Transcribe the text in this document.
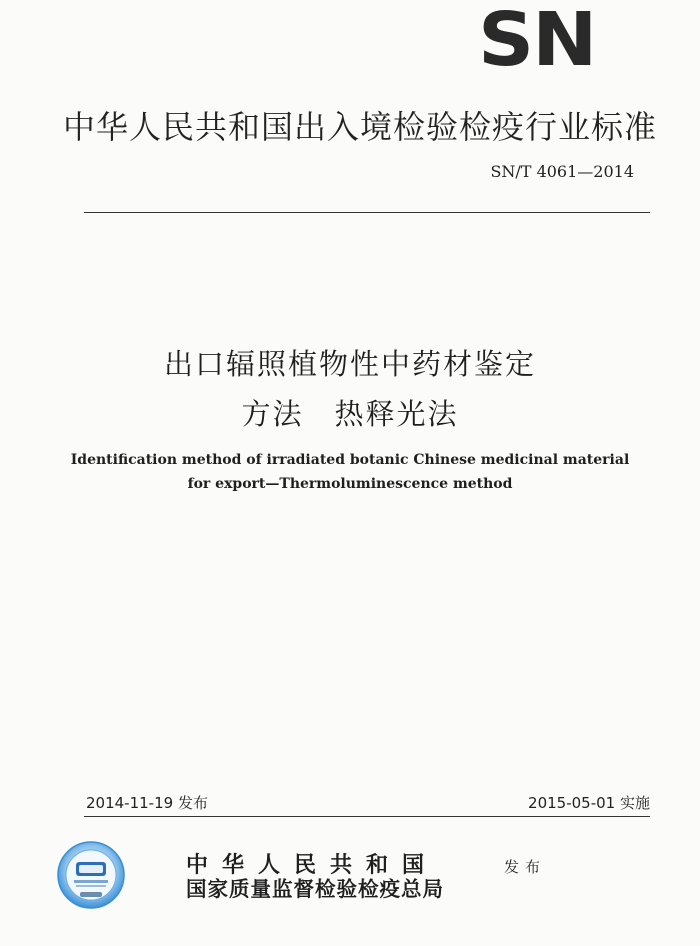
SN
中华人民共和国出入境检验检疫行业标准
SN/T 4061—2014
出口辐照植物性中药材鉴定
方法　热释光法
Identification method of irradiated botanic Chinese medicinal material
for export—Thermoluminescence method
2014-11-19 发布	2015-05-01 实施
中华人民共和国
国家质量监督检验检疫总局
发布
